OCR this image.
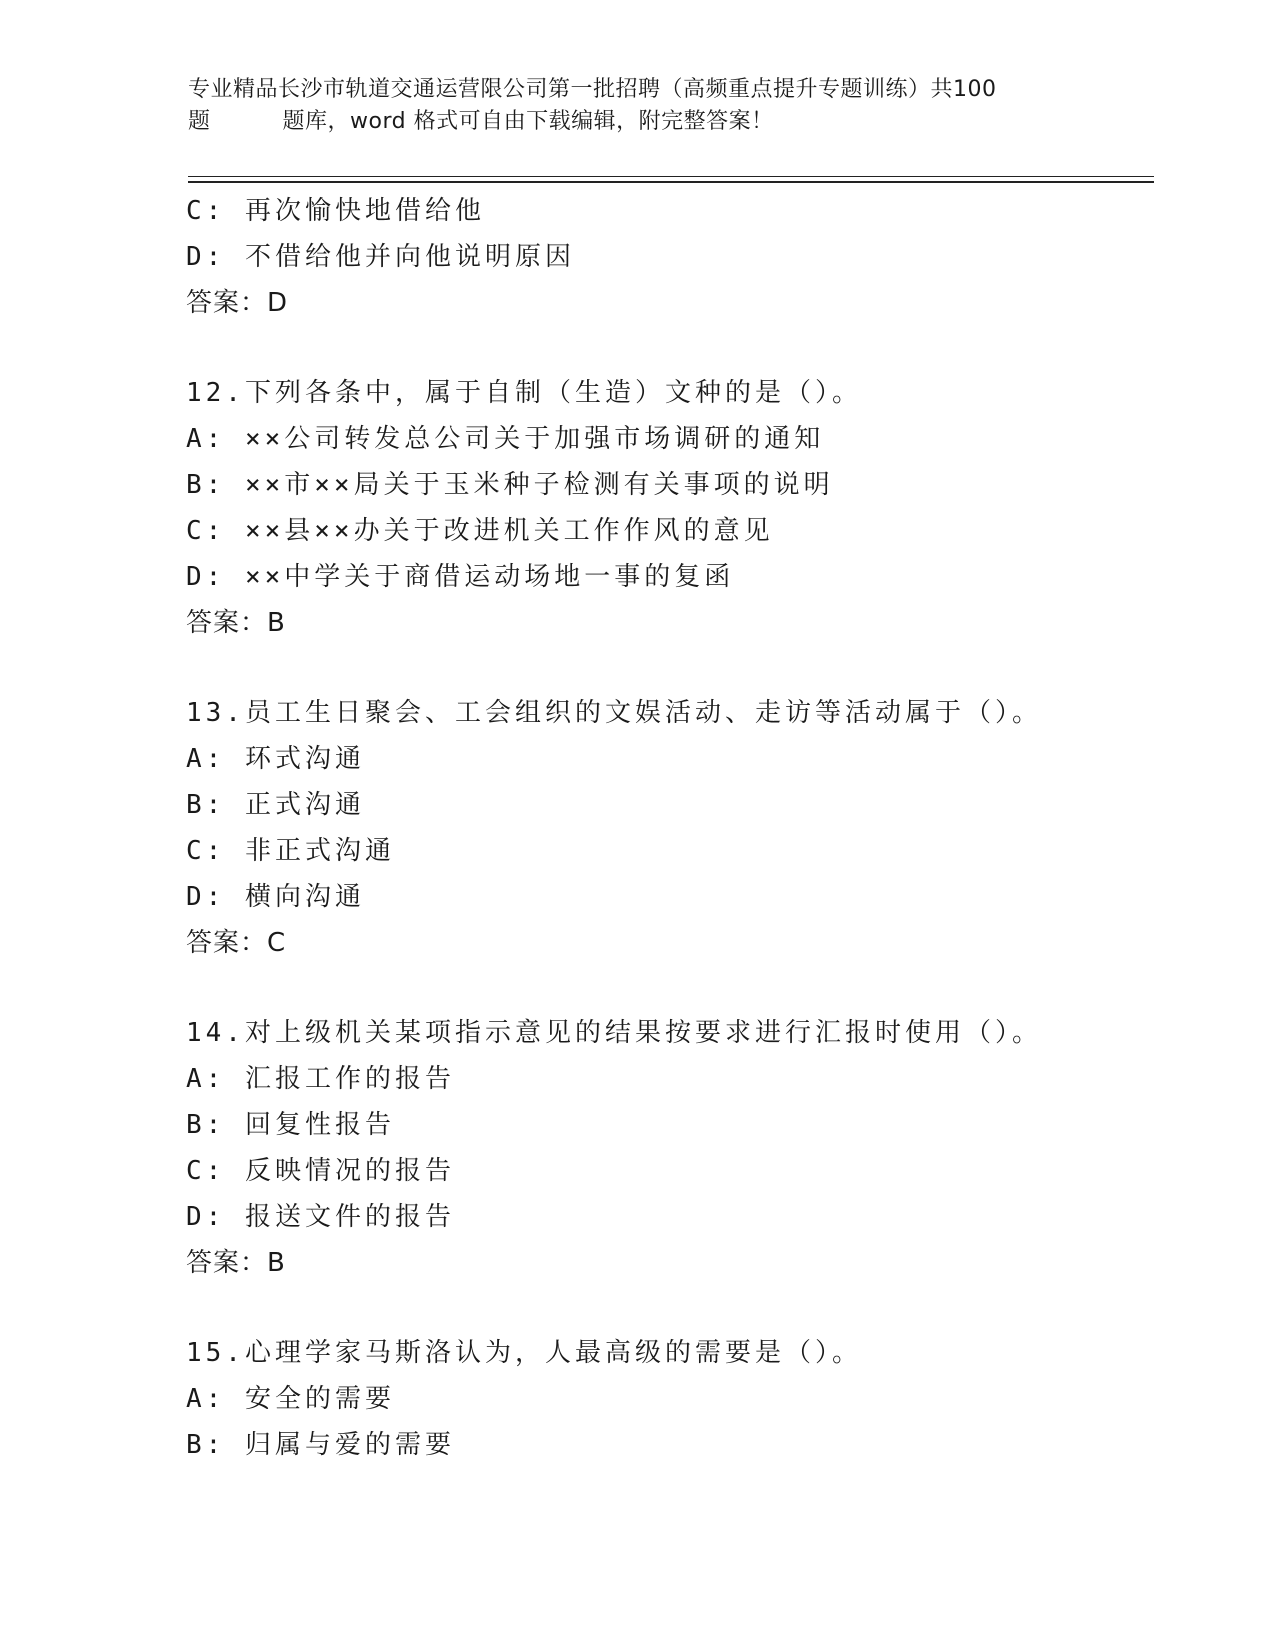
专业精品长沙市轨道交通运营限公司第一批招聘（高频重点提升专题训练）共100
题	题库，word 格式可自由下载编辑，附完整答案！
C: 再次愉快地借给他
D: 不借给他并向他说明原因
答案：D
12.下列各条中，属于自制（生造）文种的是（）。
A: ××公司转发总公司关于加强市场调研的通知
B: ××市××局关于玉米种子检测有关事项的说明
C: ××县××办关于改进机关工作作风的意见
D: ××中学关于商借运动场地一事的复函
答案：B
13.员工生日聚会、工会组织的文娱活动、走访等活动属于（）。
A: 环式沟通
B: 正式沟通
C: 非正式沟通
D: 横向沟通
答案：C
14.对上级机关某项指示意见的结果按要求进行汇报时使用（）。
A: 汇报工作的报告
B: 回复性报告
C: 反映情况的报告
D: 报送文件的报告
答案：B
15.心理学家马斯洛认为，人最高级的需要是（）。
A: 安全的需要
B: 归属与爱的需要
